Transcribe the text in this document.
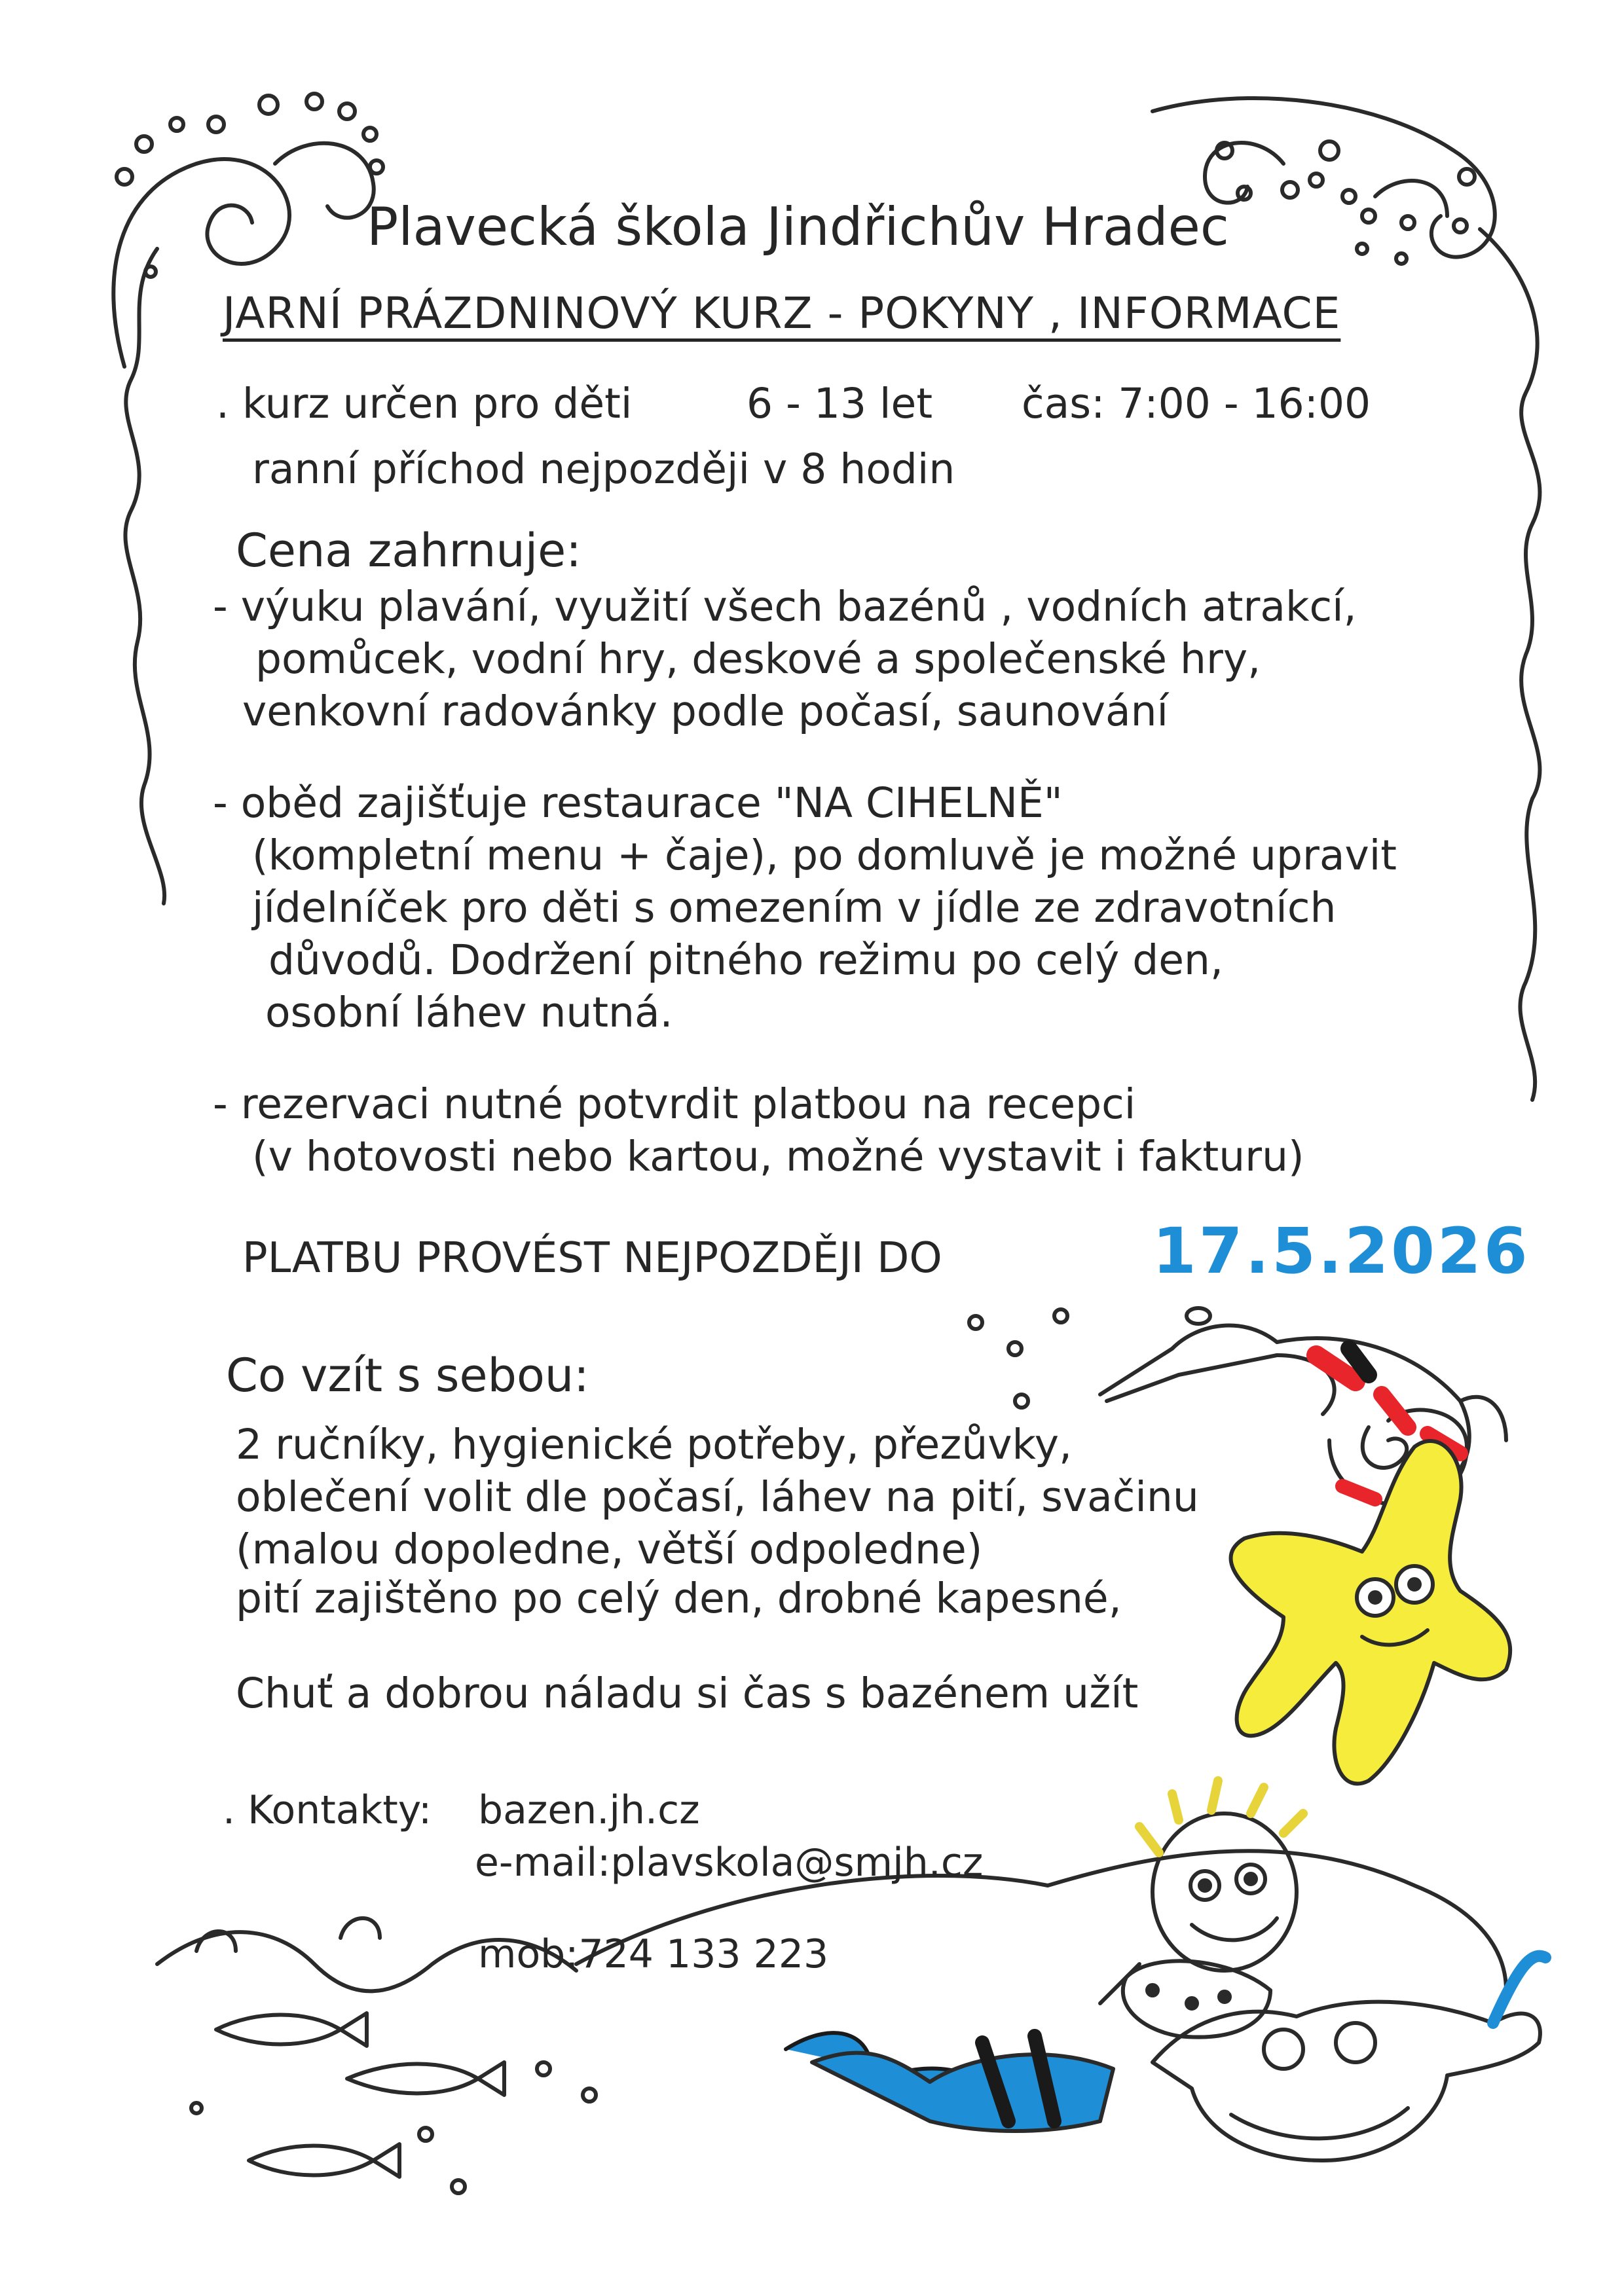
Plavecká škola Jindřichův Hradec
JARNÍ PRÁZDNINOVÝ KURZ - POKYNY , INFORMACE
. kurz určen pro děti	6 - 13 let čas: 7:00 - 16:00
ranní příchod nejpozději v 8 hodin
Cena zahrnuje:
- výuku plavání, využití všech bazénů , vodních atrakcí,
pomůcek, vodní hry, deskové a společenské hry,
venkovní radovánky podle počasí, saunování
- oběd zajišťuje restaurace "NA CIHELNĚ"
(kompletní menu + čaje), po domluvě je možné upravit
jídelníček pro děti s omezením v jídle ze zdravotních
důvodů. Dodržení pitného režimu po celý den,
osobní láhev nutná.
- rezervaci nutné potvrdit platbou na recepci
(v hotovosti nebo kartou, možné vystavit i fakturu)
PLATBU PROVÉST NEJPOZDĚJI DO	17.5.2026
Co vzít s sebou:
2 ručníky, hygienické potřeby, přezůvky,
oblečení volit dle počasí, láhev na pití, svačinu
(malou dopoledne, větší odpoledne)
pití zajištěno po celý den, drobné kapesné,
Chuť a dobrou náladu si čas s bazénem užít
. Kontakty: bazen.jh.cz
e-mail:plavskola@smjh.cz
mob:724 133 223
